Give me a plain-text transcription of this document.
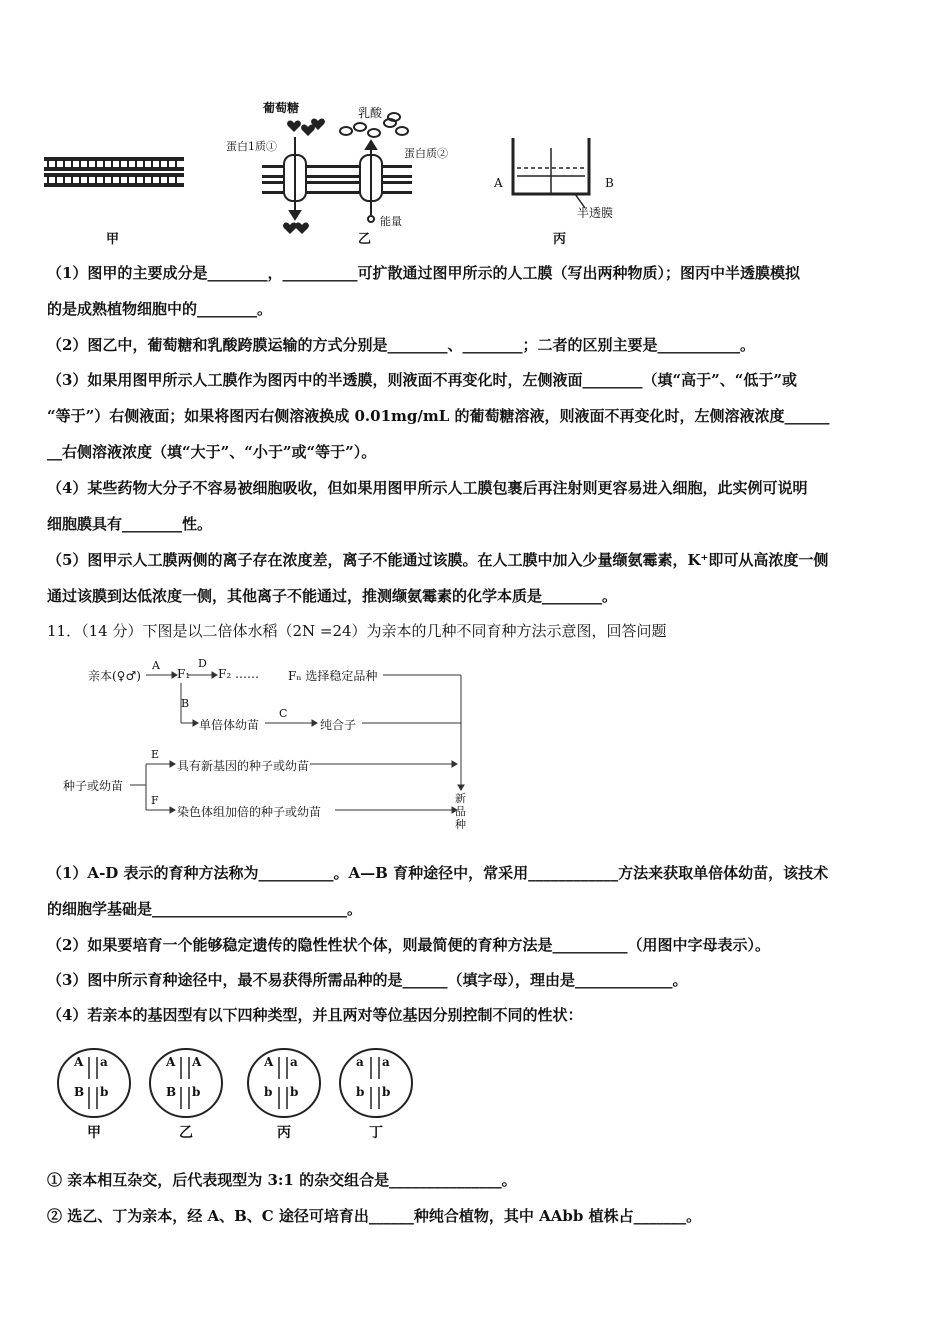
甲
葡萄糖	乳酸
蛋白1质①
蛋白质②
能量
乙
A	B
半透膜
丙
（1）图甲的主要成分是________，__________可扩散通过图甲所示的人工膜（写出两种物质）；图丙中半透膜模拟
的是成熟植物细胞中的________。
（2）图乙中，葡萄糖和乳酸跨膜运输的方式分别是________、________；二者的区别主要是___________。
（3）如果用图甲所示人工膜作为图丙中的半透膜，则液面不再变化时，左侧液面________（填“高于”、“低于”或
“等于”）右侧液面；如果将图丙右侧溶液换成 0.01mg/mL 的葡萄糖溶液，则液面不再变化时，左侧溶液浓度______
__右侧溶液浓度（填“大于”、“小于”或“等于”）。
（4）某些药物大分子不容易被细胞吸收，但如果用图甲所示人工膜包裹后再注射则更容易进入细胞，此实例可说明
细胞膜具有________性。
（5）图甲示人工膜两侧的离子存在浓度差，离子不能通过该膜。在人工膜中加入少量缬氨霉素，K⁺即可从高浓度一侧
通过该膜到达低浓度一侧，其他离子不能通过，推测缬氨霉素的化学本质是________。
11．（14 分）下图是以二倍体水稻（2N =24）为亲本的几种不同育种方法示意图，回答问题
亲本(♀♂)
A
F₁
D
F₂ …… Fₙ 选择稳定品种
B
单倍体幼苗
C
纯合子
种子或幼苗
E
具有新基因的种子或幼苗
F
染色体组加倍的种子或幼苗
新品种
（1）A-D 表示的育种方法称为__________。A—B 育种途径中，常采用____________方法来获取单倍体幼苗，该技术
的细胞学基础是__________________________。
（2）如果要培育一个能够稳定遗传的隐性性状个体，则最简便的育种方法是__________（用图中字母表示）。
（3）图中所示育种途径中，最不易获得所需品种的是______（填字母），理由是_____________。
（4）若亲本的基因型有以下四种类型，并且两对等位基因分别控制不同的性状：
A a
B b
甲
A A
B b
乙
A a
b b
丙
a a
b b
丁
① 亲本相互杂交，后代表现型为 3:1 的杂交组合是_______________。
② 选乙、丁为亲本，经 A、B、C 途径可培育出______种纯合植物，其中 AAbb 植株占_______。
